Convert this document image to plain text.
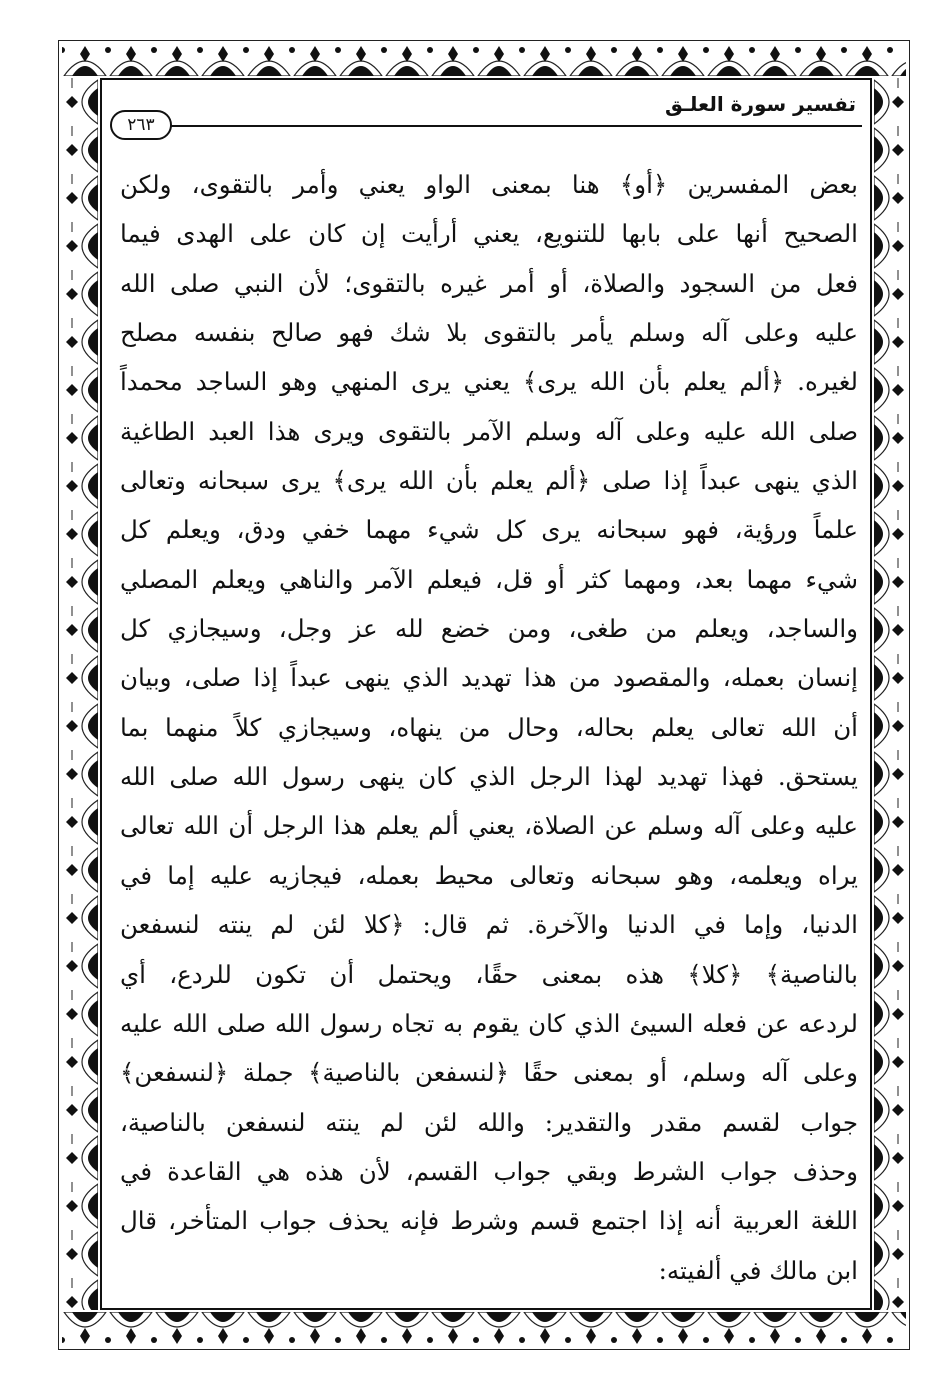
تفسير سورة العلـق
٢٦٣
بعض المفسرين ﴿أو﴾ هنا بمعنى الواو يعني وأمر بالتقوى، ولكن
الصحيح أنها على بابها للتنويع، يعني أرأيت إن كان على الهدى فيما
فعل من السجود والصلاة، أو أمر غيره بالتقوى؛ لأن النبي صلى الله
عليه وعلى آله وسلم يأمر بالتقوى بلا شك فهو صالح بنفسه مصلح
لغيره. ﴿ألم يعلم بأن الله يرى﴾ يعني يرى المنهي وهو الساجد محمداً
صلى الله عليه وعلى آله وسلم الآمر بالتقوى ويرى هذا العبد الطاغية
الذي ينهى عبداً إذا صلى ﴿ألم يعلم بأن الله يرى﴾ يرى سبحانه وتعالى
علماً ورؤية، فهو سبحانه يرى كل شيء مهما خفي ودق، ويعلم كل
شيء مهما بعد، ومهما كثر أو قل، فيعلم الآمر والناهي ويعلم المصلي
والساجد، ويعلم من طغى، ومن خضع لله عز وجل، وسيجازي كل
إنسان بعمله، والمقصود من هذا تهديد الذي ينهى عبداً إذا صلى، وبيان
أن الله تعالى يعلم بحاله، وحال من ينهاه، وسيجازي كلاً منهما بما
يستحق. فهذا تهديد لهذا الرجل الذي كان ينهى رسول الله صلى الله
عليه وعلى آله وسلم عن الصلاة، يعني ألم يعلم هذا الرجل أن الله تعالى
يراه ويعلمه، وهو سبحانه وتعالى محيط بعمله، فيجازيه عليه إما في
الدنيا، وإما في الدنيا والآخرة. ثم قال: ﴿كلا لئن لم ينته لنسفعن
بالناصية﴾ ﴿كلا﴾ هذه بمعنى حقًا، ويحتمل أن تكون للردع، أي
لردعه عن فعله السيئ الذي كان يقوم به تجاه رسول الله صلى الله عليه
وعلى آله وسلم، أو بمعنى حقًا ﴿لنسفعن بالناصية﴾ جملة ﴿لنسفعن﴾
جواب لقسم مقدر والتقدير: والله لئن لم ينته لنسفعن بالناصية،
وحذف جواب الشرط وبقي جواب القسم، لأن هذه هي القاعدة في
اللغة العربية أنه إذا اجتمع قسم وشرط فإنه يحذف جواب المتأخر، قال
ابن مالك في ألفيته:
